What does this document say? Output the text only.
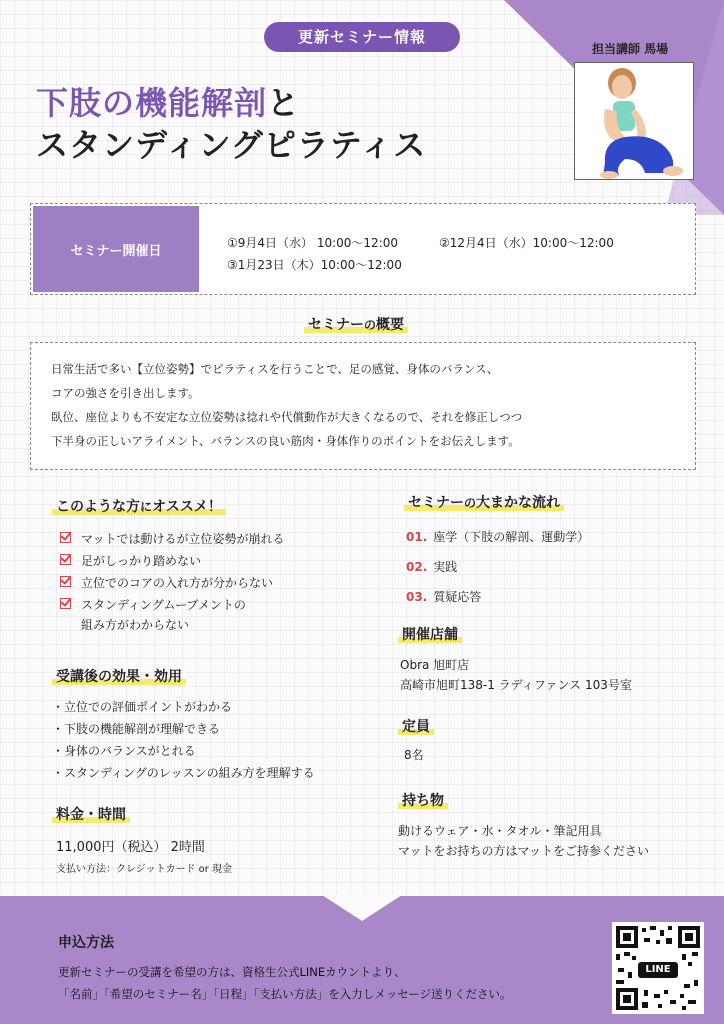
更新セミナー情報
下肢の機能解剖と
スタンディングピラティス
担当講師 馬場
セミナー開催日
①9月4日（水） 10:00～12:00	②12月4日（水）10:00～12:00
③1月23日（木）10:00～12:00
セミナーの概要
日常生活で多い【立位姿勢】でピラティスを行うことで、足の感覚、身体のバランス、
コアの強さを引き出します。
臥位、座位よりも不安定な立位姿勢は捻れや代償動作が大きくなるので、それを修正しつつ
下半身の正しいアライメント、バランスの良い筋肉・身体作りのポイントをお伝えします。
このような方にオススメ！
マットでは動けるが立位姿勢が崩れる
足がしっかり踏めない
立位でのコアの入れ方が分からない
スタンディングムーブメントの
組み方がわからない
受講後の効果・効用
・立位での評価ポイントがわかる
・下肢の機能解剖が理解できる
・身体のバランスがとれる
・スタンディングのレッスンの組み方を理解する
料金・時間
11,000円（税込） 2時間
支払い方法：クレジットカード or 現金
セミナーの大まかな流れ
01. 座学（下肢の解剖、運動学）
02. 実践
03. 質疑応答
開催店舗
Obra 旭町店
高崎市旭町138-1 ラディファンス 103号室
定員
8名
持ち物
動けるウェア・水・タオル・筆記用具
マットをお持ちの方はマットをご持参ください
申込方法
更新セミナーの受講を希望の方は、資格生公式LINEカウントより、
「名前」「希望のセミナー名」「日程」「支払い方法」を入力しメッセージ送りください。
LINE
